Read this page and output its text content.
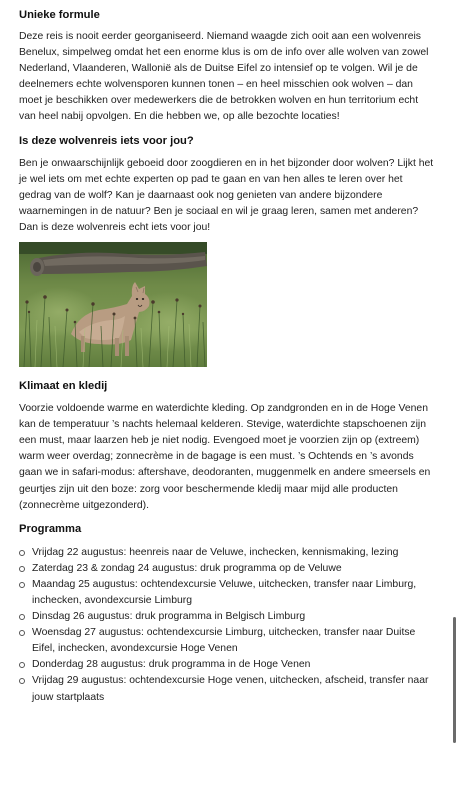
Unieke formule

Deze reis is nooit eerder georganiseerd. Niemand waagde zich ooit aan een wolvenreis Benelux, simpelweg omdat het een enorme klus is om de info over alle wolven van zowel Nederland, Vlaanderen, Wallonië als de Duitse Eifel zo intensief op te volgen. Wil je de deelnemers echte wolvensporen kunnen tonen – en heel misschien ook wolven – dan moet je beschikken over medewerkers die de betrokken wolven en hun territorium echt van heel nabij opvolgen. En die hebben we, op alle bezochte locaties!

Is deze wolvenreis iets voor jou?

Ben je onwaarschijnlijk geboeid door zoogdieren en in het bijzonder door wolven? Lijkt het je wel iets om met echte experten op pad te gaan en van hen alles te leren over het gedrag van de wolf? Kan je daarnaast ook nog genieten van andere bijzondere waarnemingen in de natuur? Ben je sociaal en wil je graag leren, samen met anderen? Dan is deze wolvenreis echt iets voor jou!

Klimaat en kledij

Voorzie voldoende warme en waterdichte kleding. Op zandgronden en in de Hoge Venen kan de temperatuur ’s nachts helemaal kelderen. Stevige, waterdichte stapschoenen zijn een must, maar laarzen heb je niet nodig. Evengoed moet je voorzien zijn op (extreem) warm weer overdag; zonnecrème in de bagage is een must. ’s Ochtends en ’s avonds gaan we in safari-modus: aftershave, deodoranten, muggenmelk en andere smeersels en geurtjes zijn uit den boze: zorg voor beschermende kledij maar mijd alle producten (zonnecrème uitgezonderd).

Programma
Vrijdag 22 augustus: heenreis naar de Veluwe, inchecken, kennismaking, lezing
Zaterdag 23 & zondag 24 augustus: druk programma op de Veluwe
Maandag 25 augustus: ochtendexcursie Veluwe, uitchecken, transfer naar Limburg, inchecken, avondexcursie Limburg
Dinsdag 26 augustus: druk programma in Belgisch Limburg
Woensdag 27 augustus: ochtendexcursie Limburg, uitchecken, transfer naar Duitse Eifel, inchecken, avondexcursie Hoge Venen
Donderdag 28 augustus: druk programma in de Hoge Venen
Vrijdag 29 augustus: ochtendexcursie Hoge venen, uitchecken, afscheid, transfer naar jouw startplaats
